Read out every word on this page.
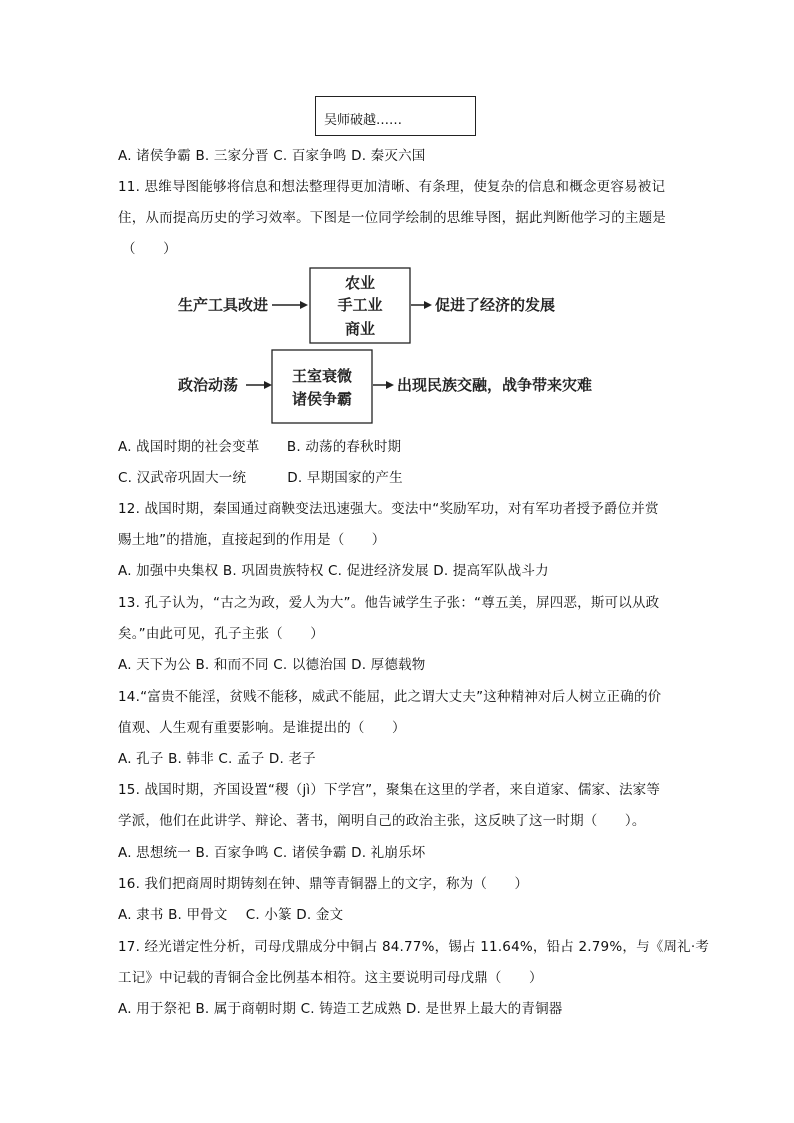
吴师破越……
A. 诸侯争霸 B. 三家分晋 C. 百家争鸣 D. 秦灭六国
11. 思维导图能够将信息和想法整理得更加清晰、有条理，使复杂的信息和概念更容易被记
住，从而提高历史的学习效率。下图是一位同学绘制的思维导图，据此判断他学习的主题是
（　　）
生产工具改进
农业
手工业
商业
促进了经济的发展
政治动荡	王室衰微
诸侯争霸
出现民族交融，战争带来灾难
A. 战国时期的社会变革　　B. 动荡的春秋时期
C. 汉武帝巩固大一统　　　D. 早期国家的产生
12. 战国时期，秦国通过商鞅变法迅速强大。变法中“奖励军功，对有军功者授予爵位并赏
赐土地”的措施，直接起到的作用是（　　）
A. 加强中央集权 B. 巩固贵族特权 C. 促进经济发展 D. 提高军队战斗力
13. 孔子认为，“古之为政，爱人为大”。他告诫学生子张：“尊五美，屏四恶，斯可以从政
矣。”由此可见，孔子主张（　　）
A. 天下为公 B. 和而不同 C. 以德治国 D. 厚德载物
14.“富贵不能淫，贫贱不能移，威武不能屈，此之谓大丈夫”这种精神对后人树立正确的价
值观、人生观有重要影响。是谁提出的（　　）
A. 孔子 B. 韩非 C. 孟子 D. 老子
15. 战国时期，齐国设置“稷（jì）下学宫”，聚集在这里的学者，来自道家、儒家、法家等
学派，他们在此讲学、辩论、著书，阐明自己的政治主张，这反映了这一时期（　　）。
A. 思想统一 B. 百家争鸣 C. 诸侯争霸 D. 礼崩乐坏
16. 我们把商周时期铸刻在钟、鼎等青铜器上的文字，称为（　　）
A. 隶书 B. 甲骨文　 C. 小篆 D. 金文
17. 经光谱定性分析，司母戊鼎成分中铜占 84.77%，锡占 11.64%，铅占 2.79%，与《周礼·考
工记》中记载的青铜合金比例基本相符。这主要说明司母戊鼎（　　）
A. 用于祭祀 B. 属于商朝时期 C. 铸造工艺成熟 D. 是世界上最大的青铜器
